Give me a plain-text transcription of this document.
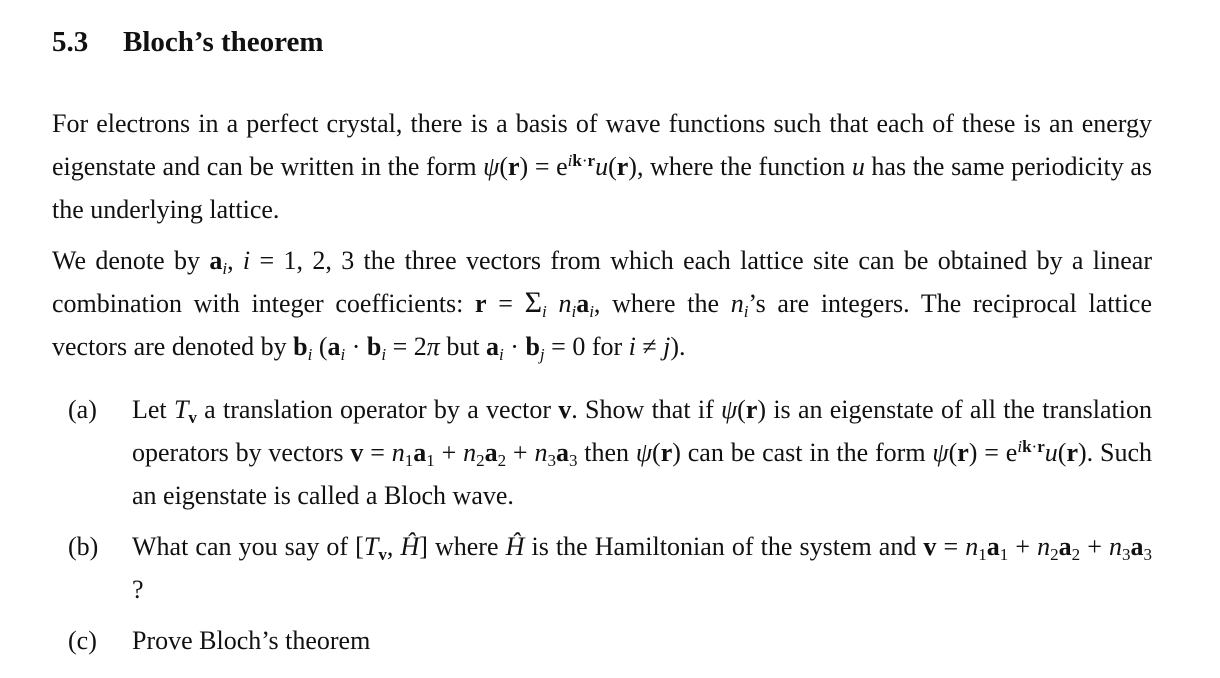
5.3 Bloch’s theorem
For electrons in a perfect crystal, there is a basis of wave functions such that each of these is an energy eigenstate and can be written in the form $\psi(r) = e^{ik\cdot r}u(r)$, where the function u has the same periodicity as the underlying lattice.
We denote by $a_i$, i = 1, 2, 3 the three vectors from which each lattice site can be obtained by a linear combination with integer coefficients: $r = \Sigma_i$ $n_ia_i$, where the $n_i’s$ are integers. The reciprocal lattice vectors are denoted by $b_i$ ($a_i \cdot b_i = 2\pi$ but $a_i \cdot b_j = 0$ for i ≠ j).
(a) Let $T_v$ a translation operator by a vector v. Show that if ψ(r) is an eigenstate of all the translation operators by vectors $v = n_1a_1 + n_2a_2 + n_3a_3$ then ψ(r) can be cast in the form $\psi(r) = e^{ik\cdot r}u(r)$. Such an eigenstate is called a Bloch wave.
(b) What can you say of [$T_v$, Ĥ] where Ĥ is the Hamiltonian of the system and $v = n_1a_1 + n_2a_2 + n_3a_3$ ?
(c) Prove Bloch’s theorem
